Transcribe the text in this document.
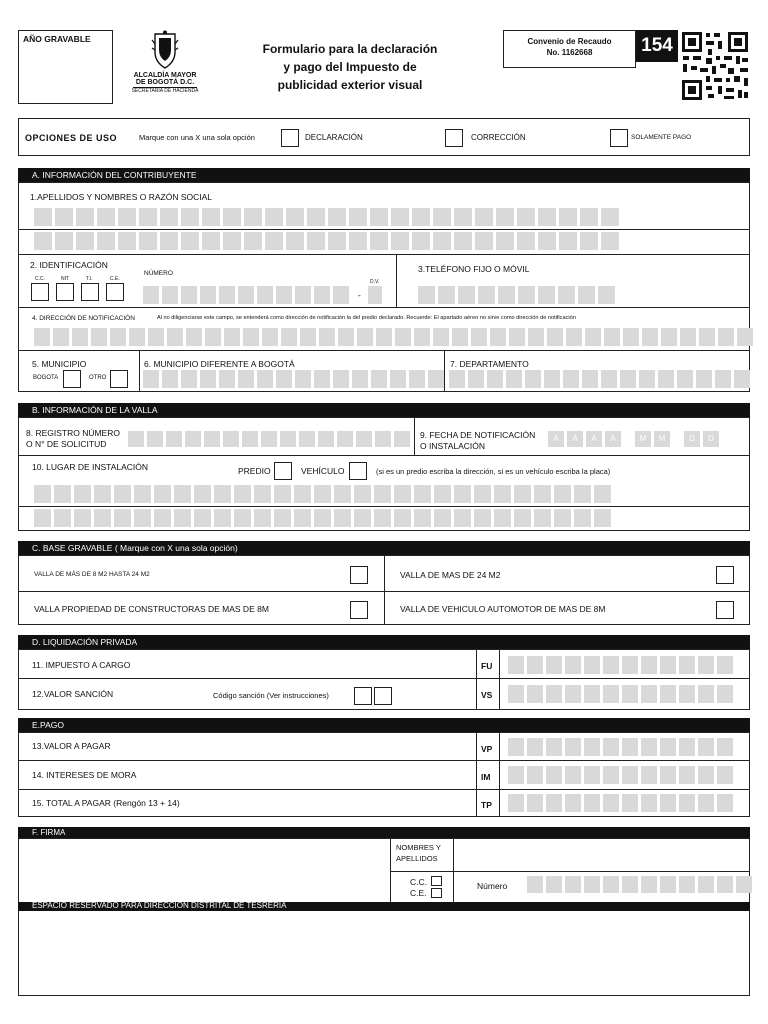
AÑO GRAVABLE
ALCALDÍA MAYOR
DE BOGOTÁ D.C.
SECRETARÍA DE HACIENDA
Formulario para la declaración
y pago del Impuesto de
publicidad exterior visual
Convenio de Recaudo
No. 1162668	154
OPCIONES DE USO	Marque con una X una sola opción	DECLARACIÓN	CORRECCIÓN	SOLAMENTE PAGO
A. INFORMACIÓN DEL CONTRIBUYENTE
1.APELLIDOS Y NOMBRES O RAZÓN SOCIAL
2. IDENTIFICACIÓN
C.C.	NIT	T.I.	C.E.
NÚMERO
-
D.V.
3.TELÉFONO FIJO O MÓVIL
4. DIRECCIÓN DE NOTIFICACIÓN	Al no diligenciarse este campo, se entenderá como dirección de notificación la del predio declarado. Recuerde: El apartado aéreo no sirve como dirección de notificación
5. MUNICIPIO
BOGOTA	OTRO
6. MUNICIPIO DIFERENTE A BOGOTÁ	7. DEPARTAMENTO
B. INFORMACIÓN DE LA VALLA
8. REGISTRO NÚMERO
O N° DE SOLICITUD
9. FECHA DE NOTIFICACIÓN
O INSTALACIÓN
A	A	A	A	M	M	D	D
10. LUGAR DE INSTALACIÓN	PREDIO	VEHÍCULO	(si es un predio escriba la dirección, si es un vehículo escriba la placa)
C. BASE GRAVABLE ( Marque con X una sola opción)
VALLA DE MÁS DE 8 M2 HASTA 24 M2	VALLA DE MAS DE 24 M2
VALLA PROPIEDAD DE CONSTRUCTORAS DE MAS DE 8M	VALLA DE VEHICULO AUTOMOTOR DE MAS DE 8M
D. LIQUIDACIÓN PRIVADA
11. IMPUESTO A CARGO	FU
12.VALOR SANCIÓN	Código sanción (Ver instrucciones)	VS
E.PAGO
13.VALOR A PAGAR	VP
14. INTERESES DE MORA	IM
15. TOTAL A PAGAR (Rengón 13 + 14)	TP
F. FIRMA
NOMBRES Y
APELLIDOS
C.C.
C.E.
Número
ESPACIO RESERVADO PARA DIRECCIÓN DISTRITAL DE TESRERÍA
